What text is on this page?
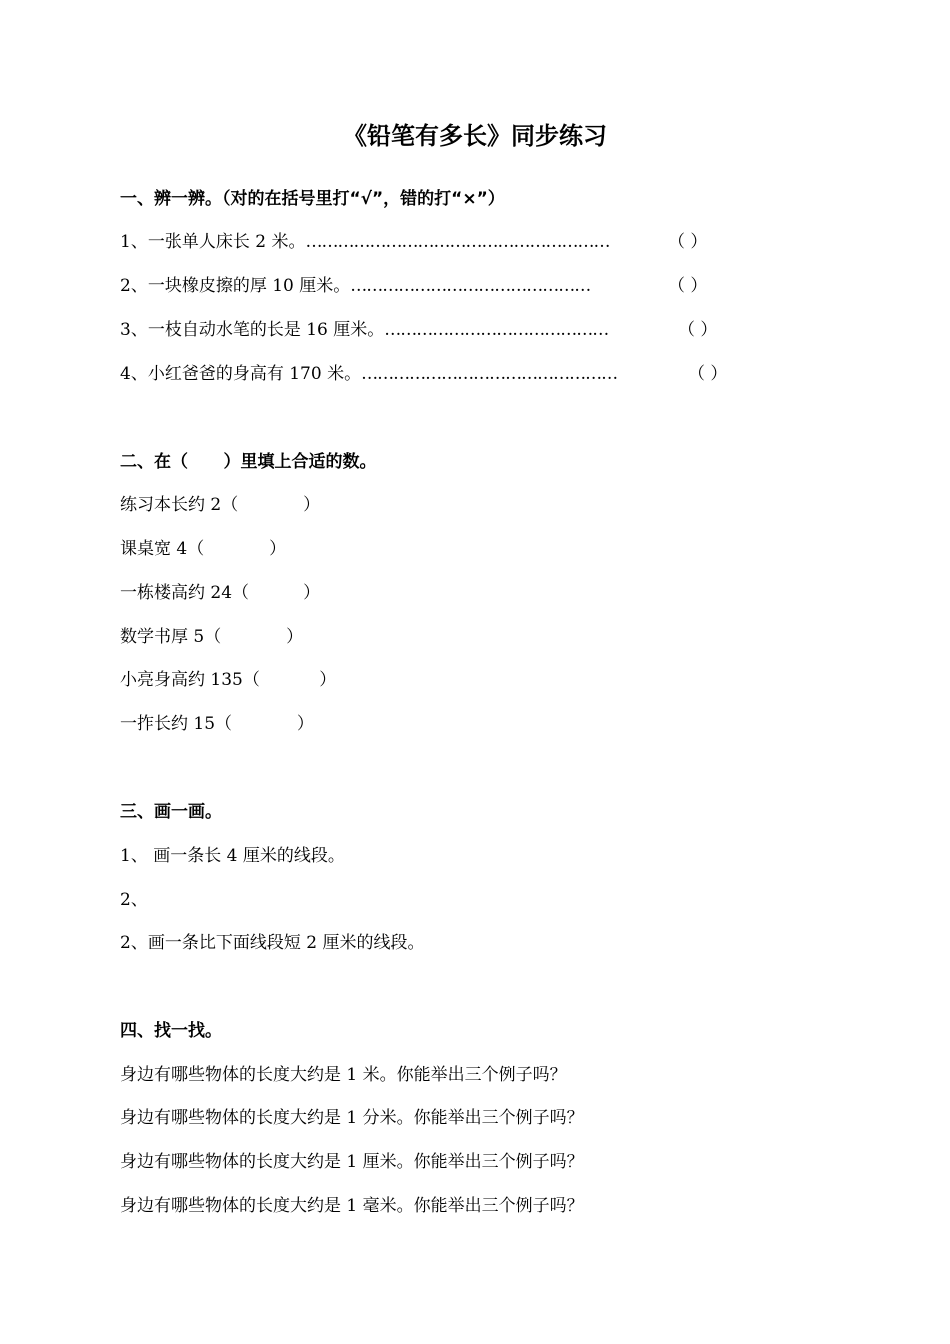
《铅笔有多长》同步练习
一、辨一辨。（对的在括号里打“√”，错的打“×”）
1、一张单人床长 2 米。…………………………………………………	（ ）
2、一块橡皮擦的厚 10 厘米。………………………………………	（ ）
3、一枝自动水笔的长是 16 厘米。……………………………………	（ ）
4、小红爸爸的身高有 170 米。…………………………………………	（ ）
二、在（      ）里填上合适的数。
练习本长约 2（            ）
课桌宽 4（            ）
一栋楼高约 24（          ）
数学书厚 5（            ）
小亮身高约 135（           ）
一拃长约 15（            ）
三、画一画。
1、 画一条长 4 厘米的线段。
2、
2、画一条比下面线段短 2 厘米的线段。
四、找一找。
身边有哪些物体的长度大约是 1 米。你能举出三个例子吗？
身边有哪些物体的长度大约是 1 分米。你能举出三个例子吗？
身边有哪些物体的长度大约是 1 厘米。你能举出三个例子吗？
身边有哪些物体的长度大约是 1 毫米。你能举出三个例子吗？
